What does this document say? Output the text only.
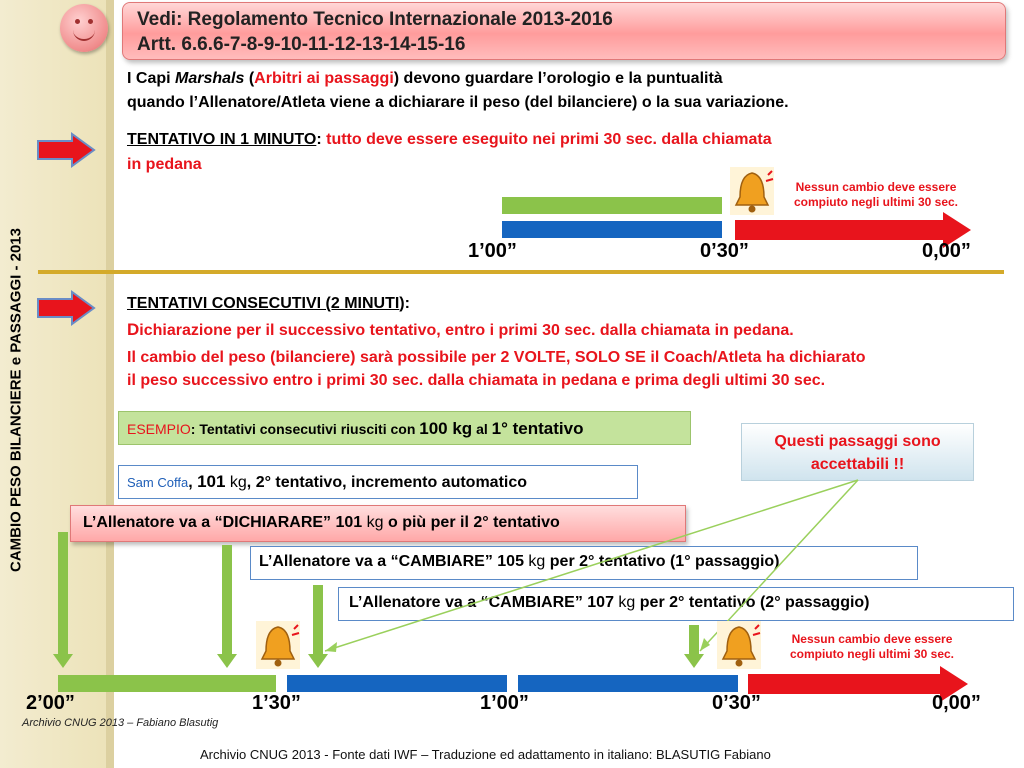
CAMBIO PESO BILANCIERE e PASSAGGI - 2013
Vedi: Regolamento Tecnico Internazionale 2013-2016
Artt. 6.6.6-7-8-9-10-11-12-13-14-15-16
I Capi Marshals (Arbitri ai passaggi) devono guardare l’orologio e la puntualità
quando l’Allenatore/Atleta viene a dichiarare il peso (del bilanciere) o la sua variazione.
TENTATIVO IN 1 MINUTO: tutto deve essere eseguito nei primi 30 sec. dalla chiamata
in pedana
Nessun cambio deve essere
compiuto negli ultimi 30 sec.
1’00”	0’30”	0,00”
TENTATIVI CONSECUTIVI (2 MINUTI):
Dichiarazione per il successivo tentativo, entro i primi 30 sec. dalla chiamata in pedana.
Il cambio del peso (bilanciere) sarà possibile per 2 VOLTE, SOLO SE il Coach/Atleta ha dichiarato
il peso successivo entro i primi 30 sec. dalla chiamata in pedana e prima degli ultimi 30 sec.
ESEMPIO: Tentativi consecutivi riusciti con 100 kg al 1° tentativo
Questi passaggi sono
accettabili !!
Sam Coffa, 101 kg, 2° tentativo, incremento automatico
L’Allenatore va a “DICHIARARE” 101 kg o più per il 2° tentativo
L’Allenatore va a “CAMBIARE” 105 kg per 2° tentativo (1° passaggio)
L’Allenatore va a “CAMBIARE” 107 kg per 2° tentativo (2° passaggio)
Nessun cambio deve essere
compiuto negli ultimi 30 sec.
2’00”	1’30”	1’00”	0’30”	0,00”
Archivio CNUG 2013 – Fabiano Blasutig
Archivio CNUG 2013 - Fonte dati IWF – Traduzione ed adattamento in italiano: BLASUTIG Fabiano
